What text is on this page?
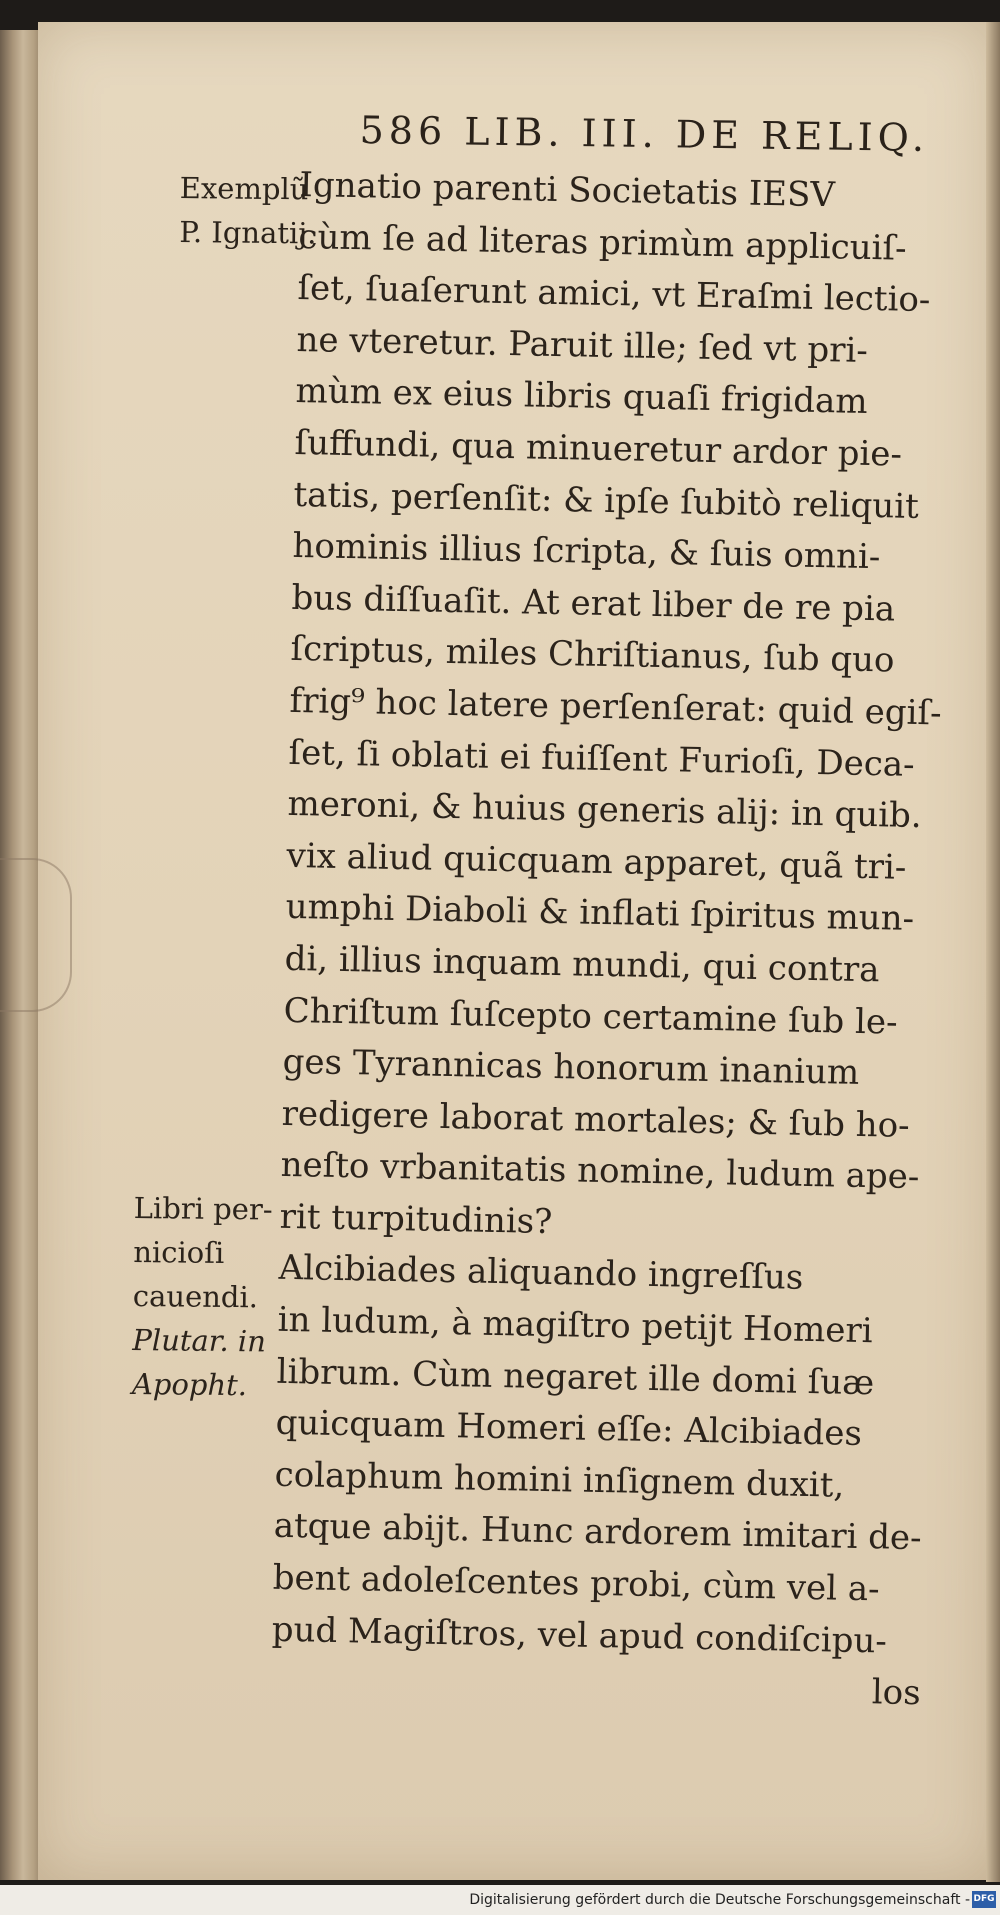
586 LIB. III. DE RELIQ.
Exemplũ
P. Ignatij.
Libri per-
nicioſi
cauendi.
Plutar. in
Apopht.
Ignatio parenti Societatis IESV
cùm ſe ad literas primùm applicuiſ-
ſet, ſuaſerunt amici, vt Eraſmi lectio-
ne vteretur. Paruit ille; ſed vt pri-
mùm ex eius libris quaſi frigidam
ſuffundi, qua minueretur ardor pie-
tatis, perſenſit: & ipſe ſubitò reliquit
hominis illius ſcripta, & ſuis omni-
bus diſſuaſit. At erat liber de re pia
ſcriptus, miles Chriſtianus, ſub quo
frig⁹ hoc latere perſenſerat: quid egiſ-
ſet, ſi oblati ei fuiſſent Furioſi, Deca-
meroni, & huius generis alij: in quib.
vix aliud quicquam apparet, quã tri-
umphi Diaboli & inflati ſpiritus mun-
di, illius inquam mundi, qui contra
Chriſtum ſuſcepto certamine ſub le-
ges Tyrannicas honorum inanium
redigere laborat mortales; & ſub ho-
neſto vrbanitatis nomine, ludum ape-
rit turpitudinis?
Alcibiades aliquando ingreſſus
in ludum, à magiſtro petijt Homeri
librum. Cùm negaret ille domi ſuæ
quicquam Homeri eſſe: Alcibiades
colaphum homini inſignem duxit,
atque abijt. Hunc ardorem imitari de-
bent adoleſcentes probi, cùm vel a-
pud Magiſtros, vel apud condiſcipu-
los
Digitalisierung gefördert durch die Deutsche Forschungsgemeinschaft - DFG
